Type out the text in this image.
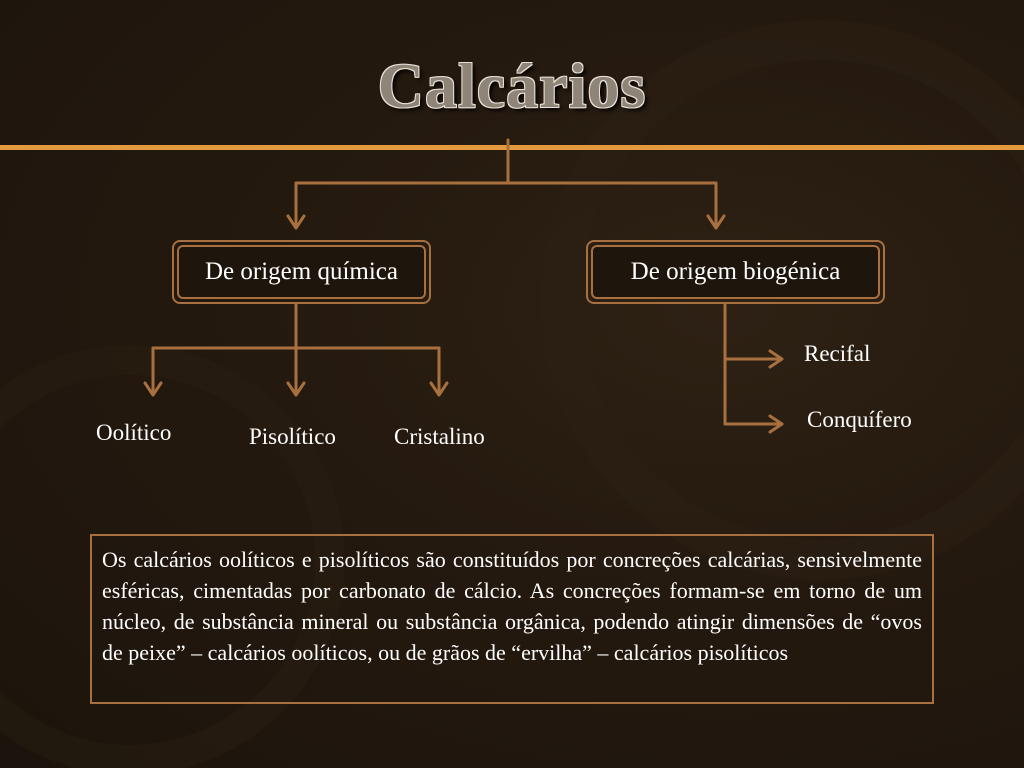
Calcários
De origem química	De origem biogénica
Oolítico	Pisolítico	Cristalino
Recifal
Conquífero
Os calcários oolíticos e pisolíticos são constituídos por concreções calcárias, sensivelmente esféricas, cimentadas por carbonato de cálcio. As concreções formam-se em torno de um núcleo, de substância mineral ou substância orgânica, podendo atingir dimensões de “ovos de peixe” – calcários oolíticos, ou de grãos de “ervilha” – calcários pisolíticos
